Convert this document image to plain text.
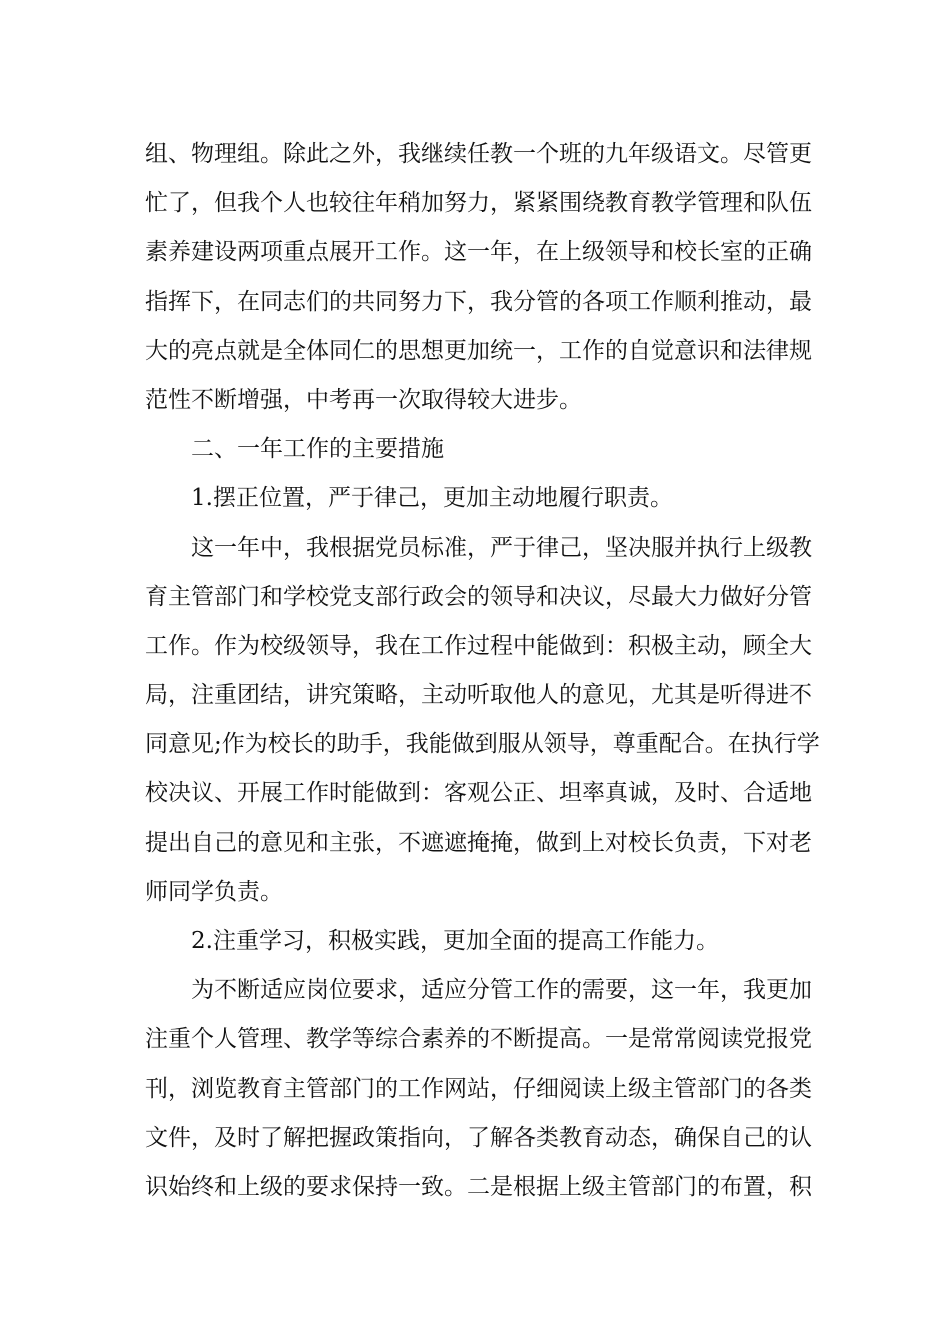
组、物理组。除此之外，我继续任教一个班的九年级语文。尽管更
忙了，但我个人也较往年稍加努力，紧紧围绕教育教学管理和队伍
素养建设两项重点展开工作。这一年，在上级领导和校长室的正确
指挥下，在同志们的共同努力下，我分管的各项工作顺利推动，最
大的亮点就是全体同仁的思想更加统一，工作的自觉意识和法律规
范性不断增强，中考再一次取得较大进步。
二、一年工作的主要措施
1.摆正位置，严于律己，更加主动地履行职责。
这一年中，我根据党员标准，严于律己，坚决服并执行上级教
育主管部门和学校党支部行政会的领导和决议，尽最大力做好分管
工作。作为校级领导，我在工作过程中能做到：积极主动，顾全大
局，注重团结，讲究策略，主动听取他人的意见，尤其是听得进不
同意见;作为校长的助手，我能做到服从领导，尊重配合。在执行学
校决议、开展工作时能做到：客观公正、坦率真诚，及时、合适地
提出自己的意见和主张，不遮遮掩掩，做到上对校长负责，下对老
师同学负责。
2.注重学习，积极实践，更加全面的提高工作能力。
为不断适应岗位要求，适应分管工作的需要，这一年，我更加
注重个人管理、教学等综合素养的不断提高。一是常常阅读党报党
刊，浏览教育主管部门的工作网站，仔细阅读上级主管部门的各类
文件，及时了解把握政策指向，了解各类教育动态，确保自己的认
识始终和上级的要求保持一致。二是根据上级主管部门的布置，积
